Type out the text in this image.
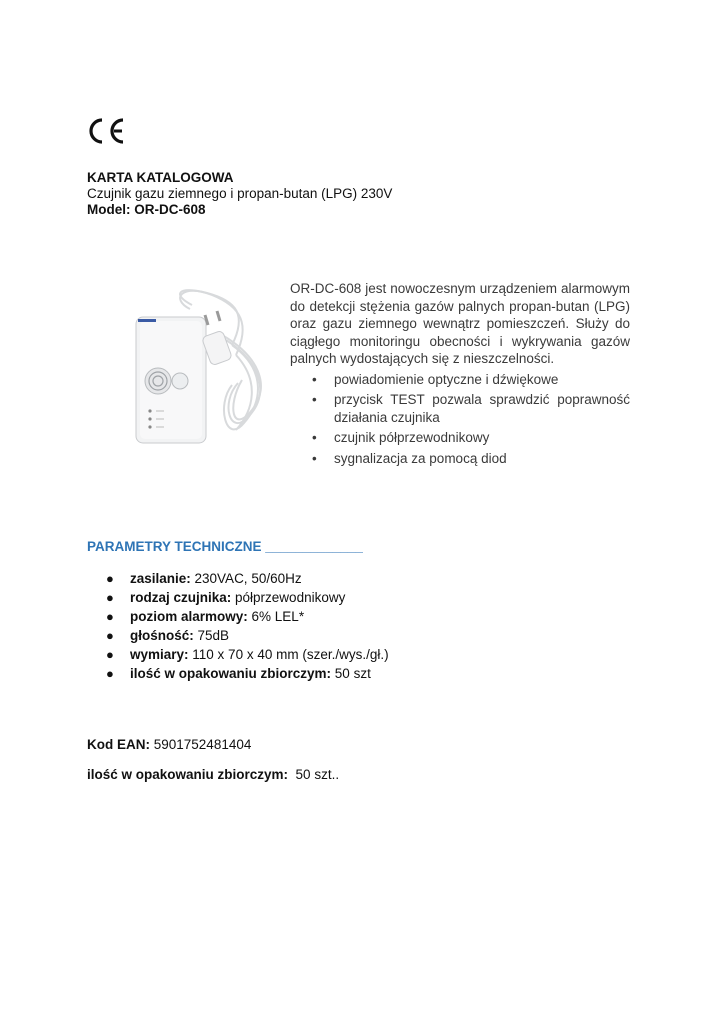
KARTA KATALOGOWA
Czujnik gazu ziemnego i propan-butan (LPG) 230V
Model: OR-DC-608

OR-DC-608 jest nowoczesnym urządzeniem alarmowym do detekcji stężenia gazów palnych propan-butan (LPG) oraz gazu ziemnego wewnątrz pomieszczeń. Służy do ciągłego monitoringu obecności i wykrywania gazów palnych wydostających się z nieszczelności.

• powiadomienie optyczne i dźwiękowe
• przycisk TEST pozwala sprawdzić poprawność działania czujnika
• czujnik półprzewodnikowy
• sygnalizacja za pomocą diod
PARAMETRY TECHNICZNE _____________
● zasilanie: 230VAC, 50/60Hz
● rodzaj czujnika: półprzewodnikowy
● poziom alarmowy: 6% LEL*
● głośność: 75dB
● wymiary: 110 x 70 x 40 mm (szer./wys./gł.)
● ilość w opakowaniu zbiorczym: 50 szt
Kod EAN: 5901752481404
ilość w opakowaniu zbiorczym:  50 szt..
